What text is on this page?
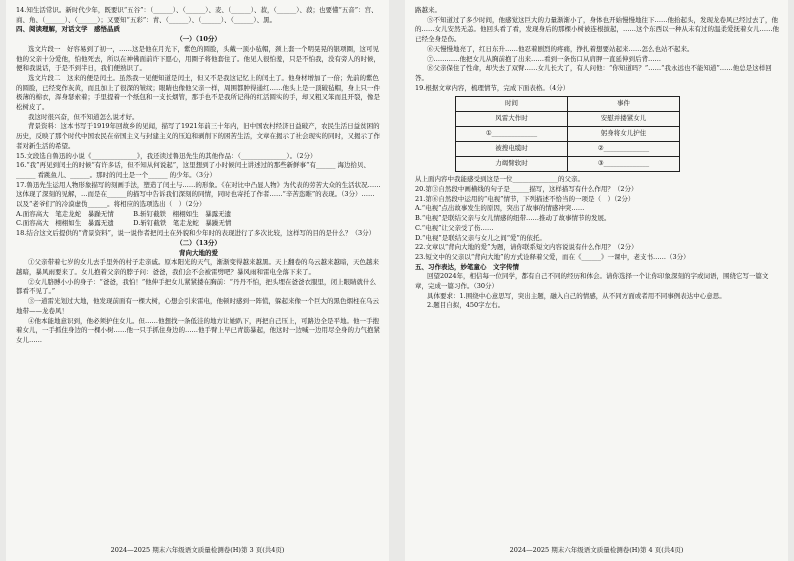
14.知生活常识。新时代少年，既要识“五谷”：（______）、（______）、麦、（______）、菽，（______）、菽；也要懂“五音”：宫、商、角、（______）、（______）；又要知“五彩”：青、（______）、（______）、（______）、黑。

四、阅读理解，对话文学　感悟品质

（一）（10分）

选文片段一　好容易到了初一，……这是他在月光下，紫色的圆脸，头戴一顶小毡帽，颈上套一个明晃晃的银项圈，这可见他的父亲十分爱他，怕他死去，所以在神佛面前许下愿心，用圈子将他套住了。他见人很怕羞，只是不怕我，没有旁人的时候，便和我说话，于是不到半日，我们便熟识了。

选文片段二　这来的便是闰土。虽然我一见便知道是闰土，但又不是我这记忆上的闰土了。他身材增加了一倍；先前的紫色的圆脸，已经变作灰黄，而且加上了很深的皱纹；眼睛也像他父亲一样，周围都肿得通红……他头上是一顶破毡帽，身上只一件极薄的棉衣，浑身瑟索着；手里提着一个纸包和一支长烟管，那手也不是我所记得的红活圆实的手，却又粗又笨而且开裂，像是松树皮了。

我这时很兴奋，但不知道怎么说才好。

背景资料：这本书写于1919年回故乡的见闻，描写了1921年前三十年内，旧中国农村经济日益破产，农民生活日益贫困的历史，反映了那个时代中国农民在帝国主义与封建主义的压迫和剥削下的困苦生活，文章在揭示了社会现实的同时，又揭示了作者对新生活的希望。

15.文段选自鲁迅的小说《______________》，我还读过鲁迅先生的其他作品：（______________）。（2分）

16.“我”再见到闰土的时候“有许多话，但不知从何说起”，这里想到了小时候闰土讲述过的那些新鲜事“有______ 海边拾贝、______ 看跳鱼儿、______。那时的闰土是一个______ 的少年。（3分）

17.鲁迅先生运用人物形象描写的刻画手法，塑造了闰土与……的形象。《在对比中凸显人物》为代表的劳苦大众的生活状况……这体现了深刻的见解，…而是在______的描写中告诉我们深刻的同情，同时也寄托了作者……“辛苦恣睢”的表现。（3分）……以及“老爷们”的冷漠虚伪______。将相应的选项选出（　）（2分）

A.面容高大　笔走龙蛇　暴躁无情　　　B.斩钉截铁　栩栩如生　暴露无遗

C.面容高大　栩栩如生　暴露无遗　　　D.斩钉截铁　笔走龙蛇　暴躁无情

18.结合这文后提供的“背景资料”，说一说作者把闰土在外貌和少年时的表现进行了多次比较，这样写的目的是什么？（3分）

（二）（13分）

背向大地的爱

①父亲带着七岁的女儿去手里外的村子走亲戚。原本阳光的天气，渐渐变得越来越黑。天上翻卷的乌云越来越暗，天色越来越暗，暴风雨要来了。女儿抱着父亲的脖子问：爸爸，我们会不会被雷劈吧？暴风雨和雷电全落下来了。

②女儿胳膊小小的身子：“爸爸，我怕！”他伸手把女儿紧紧搂在胸前：“丹丹不怕，把头埋在爸爸衣服里，闭上眼睛就什么都看不见了。”

③一道雷光划过大地，他发现前面有一棵大树，心想会引来雷电，他顿时感到一阵慌，躲起来像一个巨大的黑色烟柱在乌云地带——龙卷风！

④他本能地意识到，他必须护住女儿。但……他想找一条低洼的地方让她趴下，再把自己压上，可路边全是平地。他一手抱着女儿，一手抓住身边的一棵小树……他一只手抓住身边的……他手臂上早已青筋暴起，他这时一边喊一边用尽全身的力气抱紧女儿……

2024—2025 期末六年级语文质量检测卷(H)第 3 页(共4页)

路越来。

⑤不知道过了多少时间，他感觉这巨大的力量渐渐小了，身体也开始慢慢地往下……他抬起头，发现龙卷风已经过去了，他的……女儿安然无恙。他回头看了看，发现身后的那棵小树被连根拔起，……这个东西以一种从未有过的温柔爱抚着女儿……他已经全身是伤。

⑥天慢慢地亮了，红日东升……他忍着剧烈的疼痛，挣扎着想要站起来……怎么也站不起来。

⑦…………他把女儿从胸前抱了出来……看到一条伤口从肩胛一直延伸到后背……

⑧父亲保住了性命，却失去了双臂……女儿长大了，有人问他：“你知道吗？”……“我永远也不能知道”……他总是这样回答。

19.根据文章内容，梳理情节，完成下面表格。（4分）

时间	事件
风雷大作时	安慰并搂紧女儿
①______________	躬身将女儿护住
被搜电缆时	②______________
力竭臂软时	③______________

从上面内容中我能感受到这是一位______________的父亲。

20.第③自然段中画横线的句子是______描写，这样描写有什么作用？（2分）

21.第⑥自然段中运用的“电视”情节，下列描述不恰当的一项是（　）（2分）

A.“电视”点出故事发生的原因，突出了故事的情感冲突……

B.“电视”是联结父亲与女儿情感的纽带……推动了故事情节的发展。

C.“电视”让父亲受了伤……

D.“电视”是联结父亲与女儿之间“爱”的依托。

22.文章以“背向大地的爱”为题，请你联系短文内容说说有什么作用？（2分）

23.短文中的父亲以“背向大地”的方式诠释着父爱，而在《______》一课中，老支书……（3分）

五、习作表达，妙笔童心　文字传情

回望2024年，相信每一位同学，都有自己不同的经历和体会。请你选择一个让你印象深刻的字或词语，围绕它写一篇文章，完成一篇习作。（30分）

具体要求：1.围绕中心意思写，突出主题，融入自己的情感，从不同方面或者用不同事例表达中心意思。

2.题目自拟，450字左右。

2024—2025 期末六年级语文质量检测卷(H)第 4 页(共4页)
